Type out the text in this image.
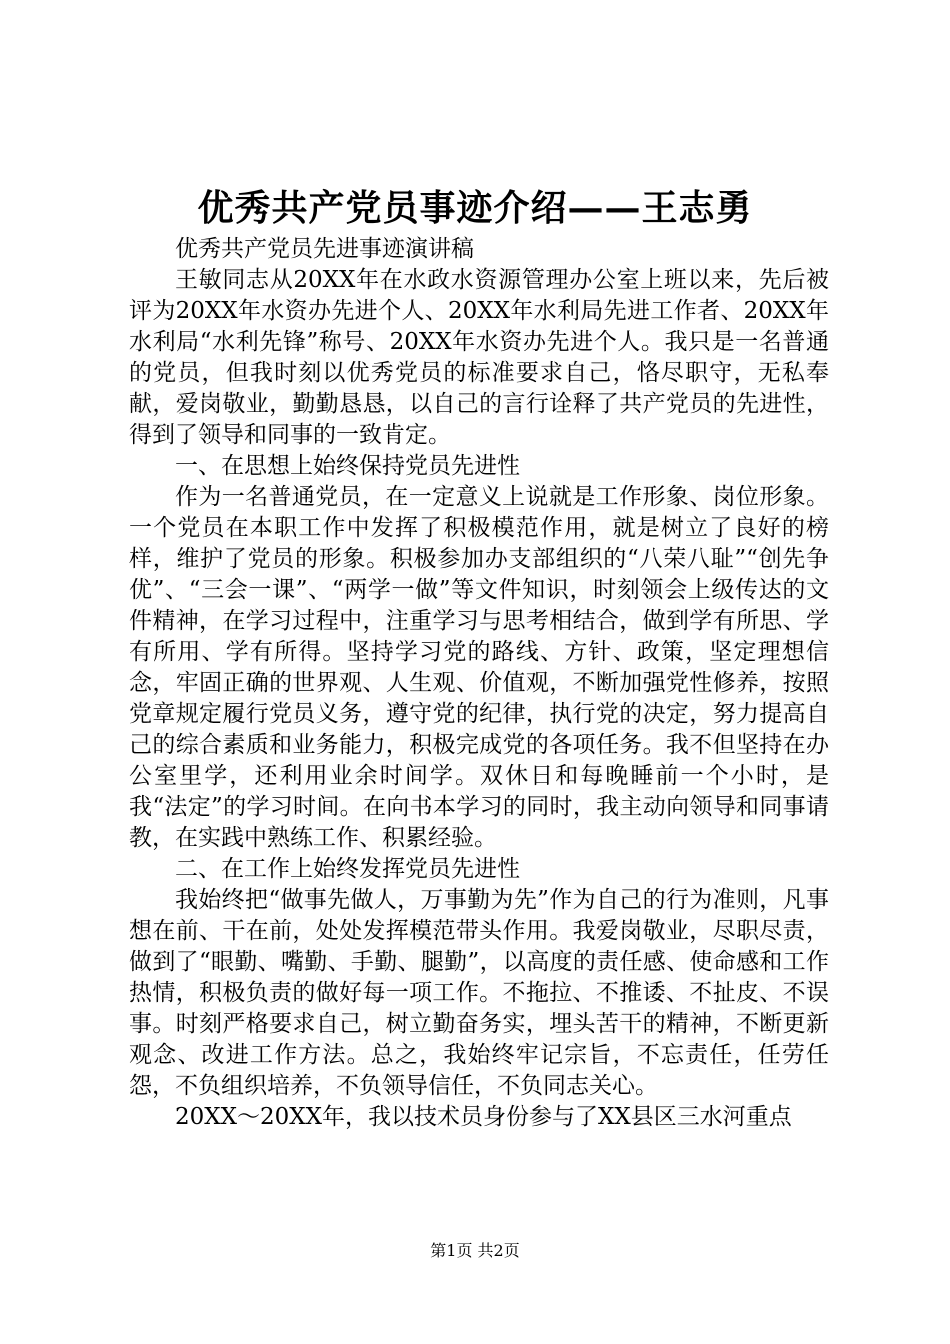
优秀共产党员事迹介绍——王志勇

优秀共产党员先进事迹演讲稿

王敏同志从20XX年在水政水资源管理办公室上班以来，先后被评为20XX年水资办先进个人、20XX年水利局先进工作者、20XX年水利局“水利先锋”称号、20XX年水资办先进个人。我只是一名普通的党员，但我时刻以优秀党员的标准要求自己，恪尽职守，无私奉献，爱岗敬业，勤勤恳恳，以自己的言行诠释了共产党员的先进性，得到了领导和同事的一致肯定。

一、在思想上始终保持党员先进性

作为一名普通党员，在一定意义上说就是工作形象、岗位形象。一个党员在本职工作中发挥了积极模范作用，就是树立了良好的榜样，维护了党员的形象。积极参加办支部组织的“八荣八耻”“创先争优”、“三会一课”、“两学一做”等文件知识，时刻领会上级传达的文件精神，在学习过程中，注重学习与思考相结合，做到学有所思、学有所用、学有所得。坚持学习党的路线、方针、政策，坚定理想信念，牢固正确的世界观、人生观、价值观，不断加强党性修养，按照党章规定履行党员义务，遵守党的纪律，执行党的决定，努力提高自己的综合素质和业务能力，积极完成党的各项任务。我不但坚持在办公室里学，还利用业余时间学。双休日和每晚睡前一个小时，是我“法定”的学习时间。在向书本学习的同时，我主动向领导和同事请教，在实践中熟练工作、积累经验。

二、在工作上始终发挥党员先进性

我始终把“做事先做人，万事勤为先”作为自己的行为准则，凡事想在前、干在前，处处发挥模范带头作用。我爱岗敬业，尽职尽责，做到了“眼勤、嘴勤、手勤、腿勤”，以高度的责任感、使命感和工作热情，积极负责的做好每一项工作。不拖拉、不推诿、不扯皮、不误事。时刻严格要求自己，树立勤奋务实，埋头苦干的精神，不断更新观念、改进工作方法。总之，我始终牢记宗旨，不忘责任，任劳任怨，不负组织培养，不负领导信任，不负同志关心。

20XX～20XX年，我以技术员身份参与了XX县区三水河重点

第1页 共2页
